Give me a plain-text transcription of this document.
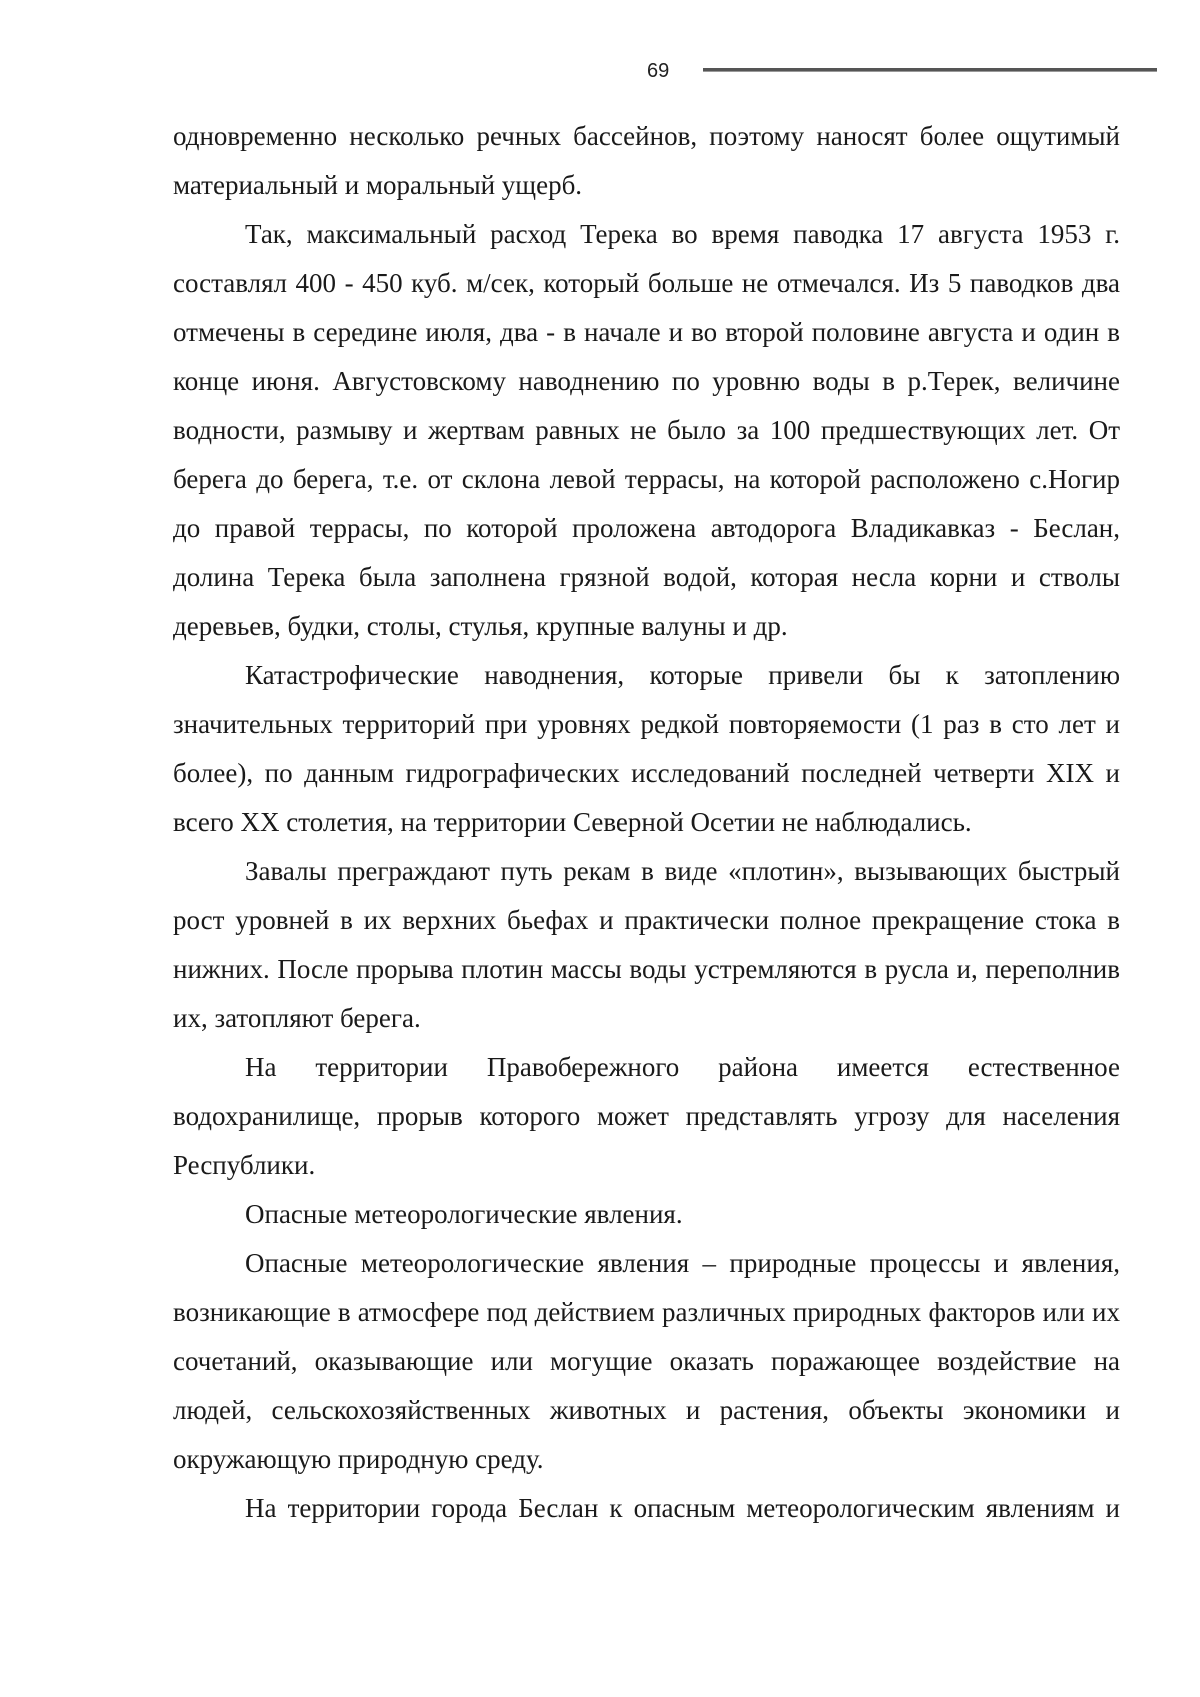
69

одновременно несколько речных бассейнов, поэтому наносят более ощутимый материальный и моральный ущерб.

Так, максимальный расход Терека во время паводка 17 августа 1953 г. составлял 400 - 450 куб. м/сек, который больше не отмечался. Из 5 паводков два отмечены в середине июля, два - в начале и во второй половине августа и один в конце июня. Августовскому наводнению по уровню воды в р.Терек, величине водности, размыву и жертвам равных не было за 100 предшествующих лет. От берега до берега, т.е. от склона левой террасы, на которой расположено с.Ногир до правой террасы, по которой проложена автодорога Владикавказ - Беслан, долина Терека была заполнена грязной водой, которая несла корни и стволы деревьев, будки, столы, стулья, крупные валуны и др.

Катастрофические наводнения, которые привели бы к затоплению значительных территорий при уровнях редкой повторяемости (1 раз в сто лет и более), по данным гидрографических исследований последней четверти XIX и всего XX столетия, на территории Северной Осетии не наблюдались.

Завалы преграждают путь рекам в виде «плотин», вызывающих быстрый рост уровней в их верхних бьефах и практически полное прекращение стока в нижних. После прорыва плотин массы воды устремляются в русла и, переполнив их, затопляют берега.

На территории Правобережного района имеется естественное водохранилище, прорыв которого может представлять угрозу для населения Республики.

Опасные метеорологические явления.

Опасные метеорологические явления – природные процессы и явления, возникающие в атмосфере под действием различных природных факторов или их сочетаний, оказывающие или могущие оказать поражающее воздействие на людей, сельскохозяйственных животных и растения, объекты экономики и окружающую природную среду.

На территории города Беслан к опасным метеорологическим явлениям и
